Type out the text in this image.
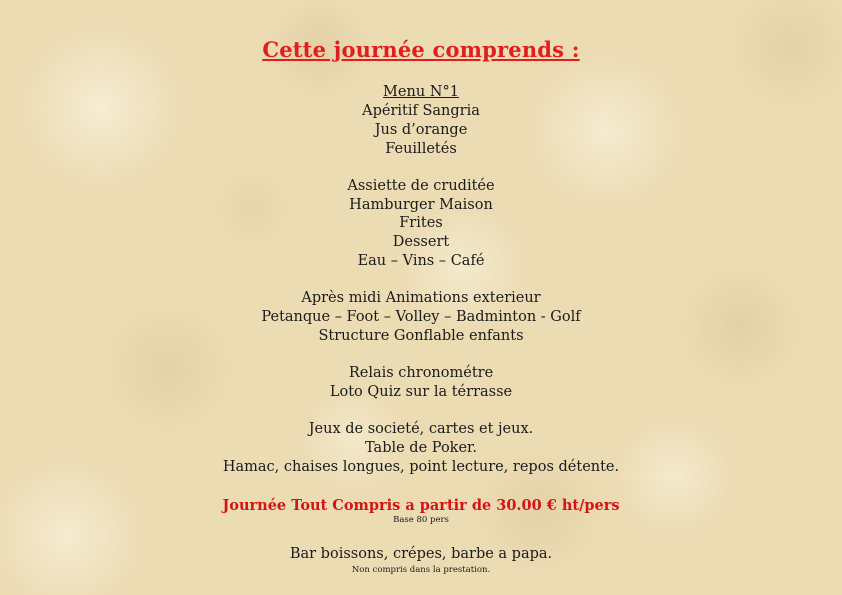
Cette journée comprends :
Menu N°1
Apéritif Sangria
Jus d’orange
Feuilletés
Assiette de cruditée
Hamburger Maison
Frites
Dessert
Eau – Vins – Café
Après midi Animations exterieur
Petanque – Foot – Volley – Badminton - Golf
Structure Gonflable enfants
Relais chronométre
Loto Quiz sur la térrasse
Jeux de societé, cartes et jeux.
Table de Poker.
Hamac, chaises longues, point lecture, repos détente.
Journée Tout Compris a partir de 30.00 € ht/pers
Base 80 pers
Bar boissons, crépes, barbe a papa.
Non compris dans la prestation.
